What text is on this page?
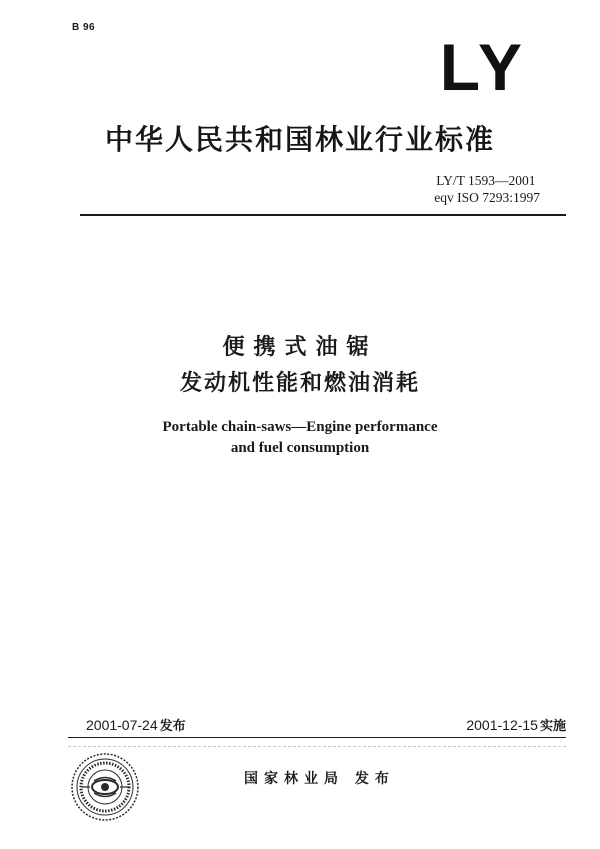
B 96
LY
中华人民共和国林业行业标准
LY/T 1593—2001
eqv ISO 7293:1997
便携式油锯
发动机性能和燃油消耗
Portable chain-saws—Engine performance
and fuel consumption
2001-07-24 发布	2001-12-15 实施
国家林业局 发布
